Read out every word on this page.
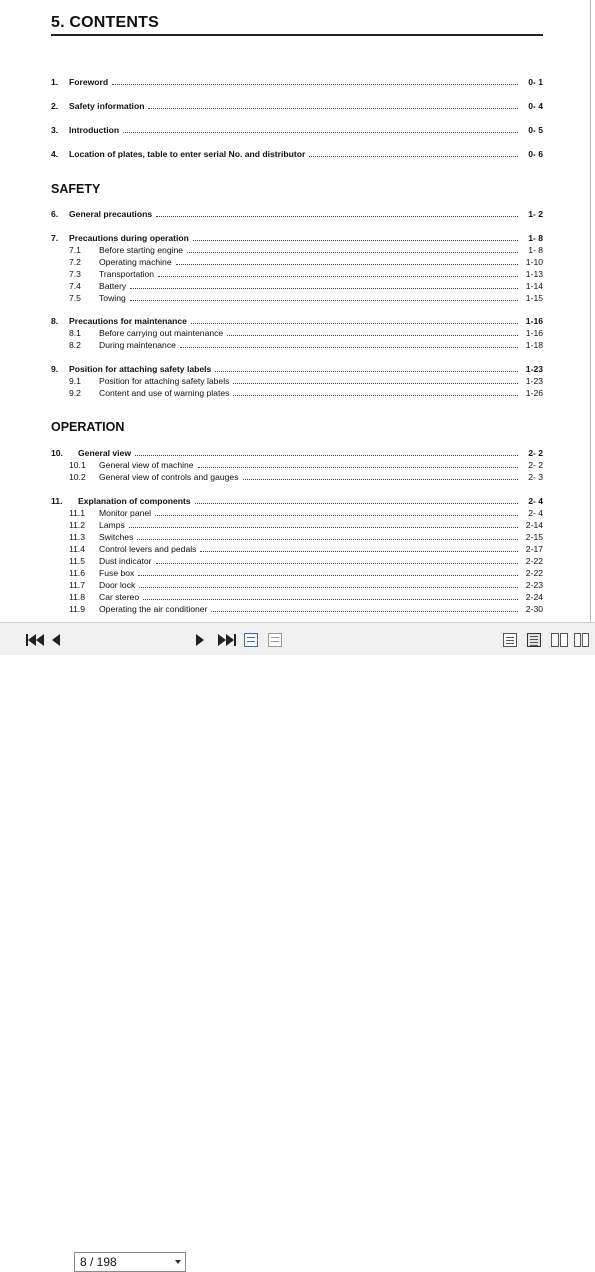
5. CONTENTS
1.	Foreword	0- 1
2.	Safety information	0- 4
3.	Introduction	0- 5
4.	Location of plates, table to enter serial No. and distributor	0- 6
SAFETY
6.	General precautions	1- 2
7.	Precautions during operation	1- 8
7.1	Before starting engine	1- 8
7.2	Operating machine	1-10
7.3	Transportation	1-13
7.4	Battery	1-14
7.5	Towing	1-15
8.	Precautions for maintenance	1-16
8.1	Before carrying out maintenance	1-16
8.2	During maintenance	1-18
9.	Position for attaching safety labels	1-23
9.1	Position for attaching safety labels	1-23
9.2	Content and use of warning plates	1-26
OPERATION
10.	General view	2- 2
10.1	General view of machine	2- 2
10.2	General view of controls and gauges	2- 3
11.	Explanation of components	2- 4
11.1	Monitor panel	2- 4
11.2	Lamps	2-14
11.3	Switches	2-15
11.4	Control levers and pedals	2-17
11.5	Dust indicator	2-22
11.6	Fuse box	2-22
11.7	Door lock	2-23
11.8	Car stereo	2-24
11.9	Operating the air conditioner	2-30
8 / 198
